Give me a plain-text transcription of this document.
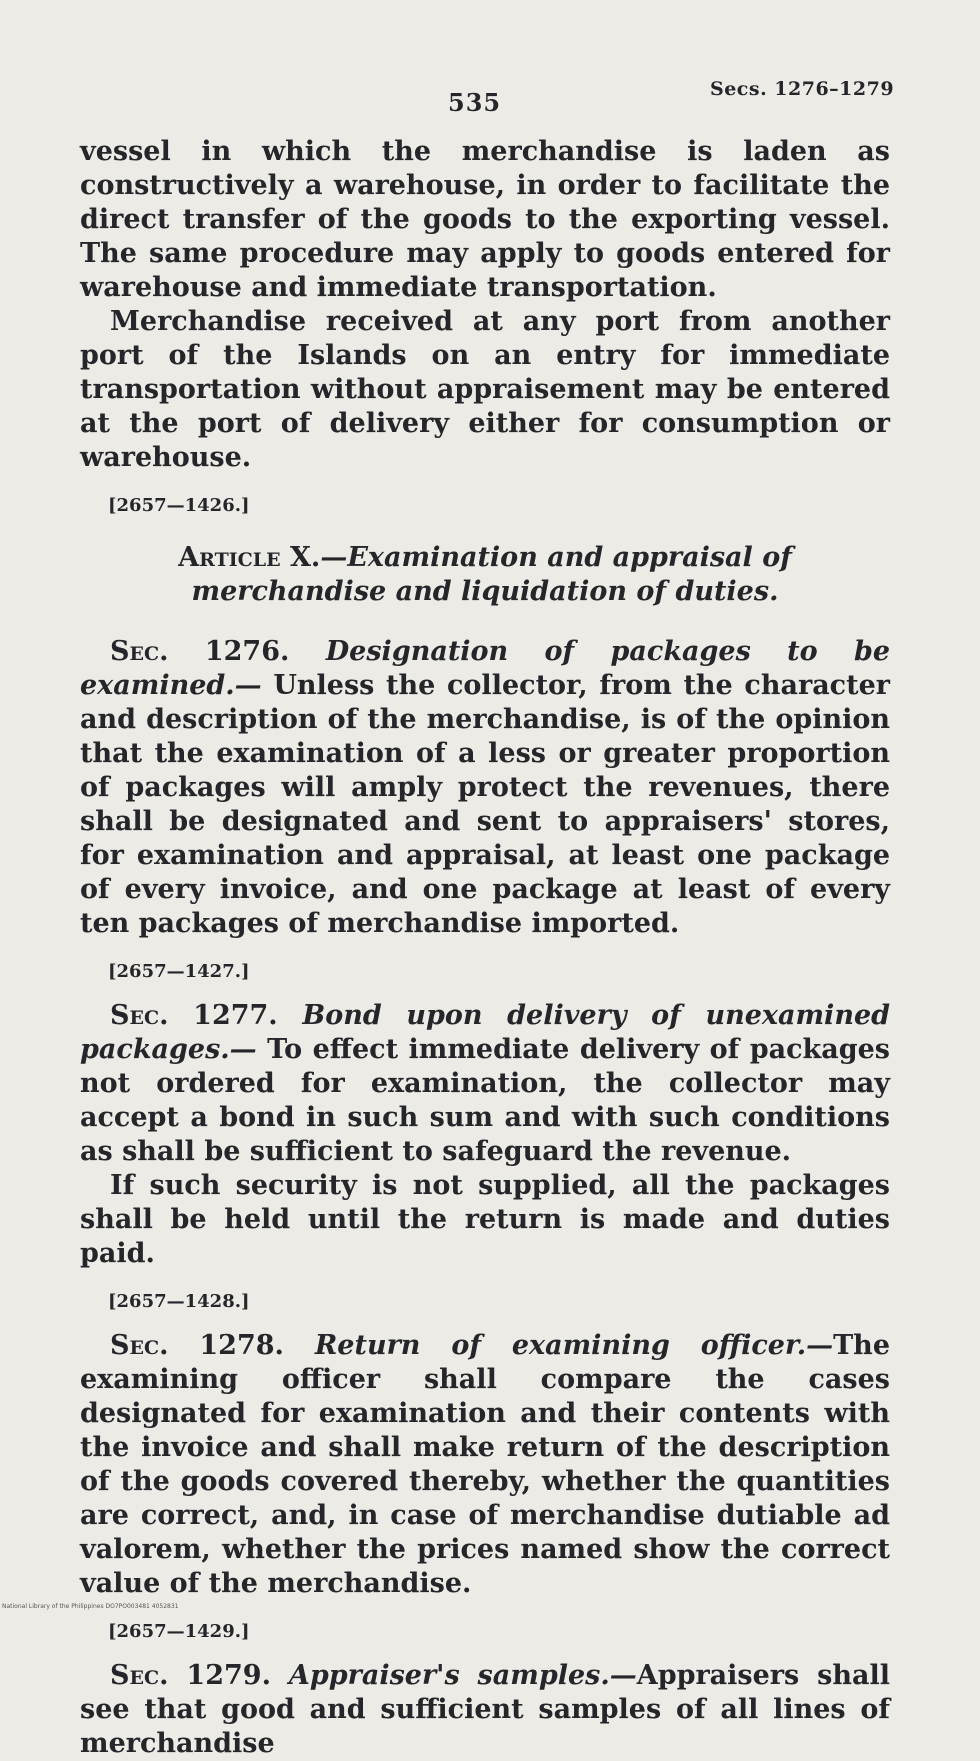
535	Secs. 1276–1279

vessel in which the merchandise is laden as constructively a warehouse, in order to facilitate the direct transfer of the goods to the exporting vessel. The same procedure may apply to goods entered for warehouse and immediate transportation.

Merchandise received at any port from another port of the Islands on an entry for immediate transportation without appraisement may be entered at the port of delivery either for consumption or warehouse.

[2657—1426.]

Article X.—Examination and appraisal of merchandise and liquidation of duties.

Sec. 1276. Designation of packages to be examined.— Unless the collector, from the character and description of the merchandise, is of the opinion that the examination of a less or greater proportion of packages will amply protect the revenues, there shall be designated and sent to appraisers' stores, for examination and appraisal, at least one package of every invoice, and one package at least of every ten packages of merchandise imported.

[2657—1427.]

Sec. 1277. Bond upon delivery of unexamined packages.— To effect immediate delivery of packages not ordered for examination, the collector may accept a bond in such sum and with such conditions as shall be sufficient to safeguard the revenue.

If such security is not supplied, all the packages shall be held until the return is made and duties paid.

[2657—1428.]

Sec. 1278. Return of examining officer.—The examining officer shall compare the cases designated for examination and their contents with the invoice and shall make return of the description of the goods covered thereby, whether the quantities are correct, and, in case of merchandise dutiable ad valorem, whether the prices named show the correct value of the merchandise.

[2657—1429.]

Sec. 1279. Appraiser's samples.—Appraisers shall see that good and sufficient samples of all lines of merchandise

National Library of the Philippines DO7PO003481 4052831
